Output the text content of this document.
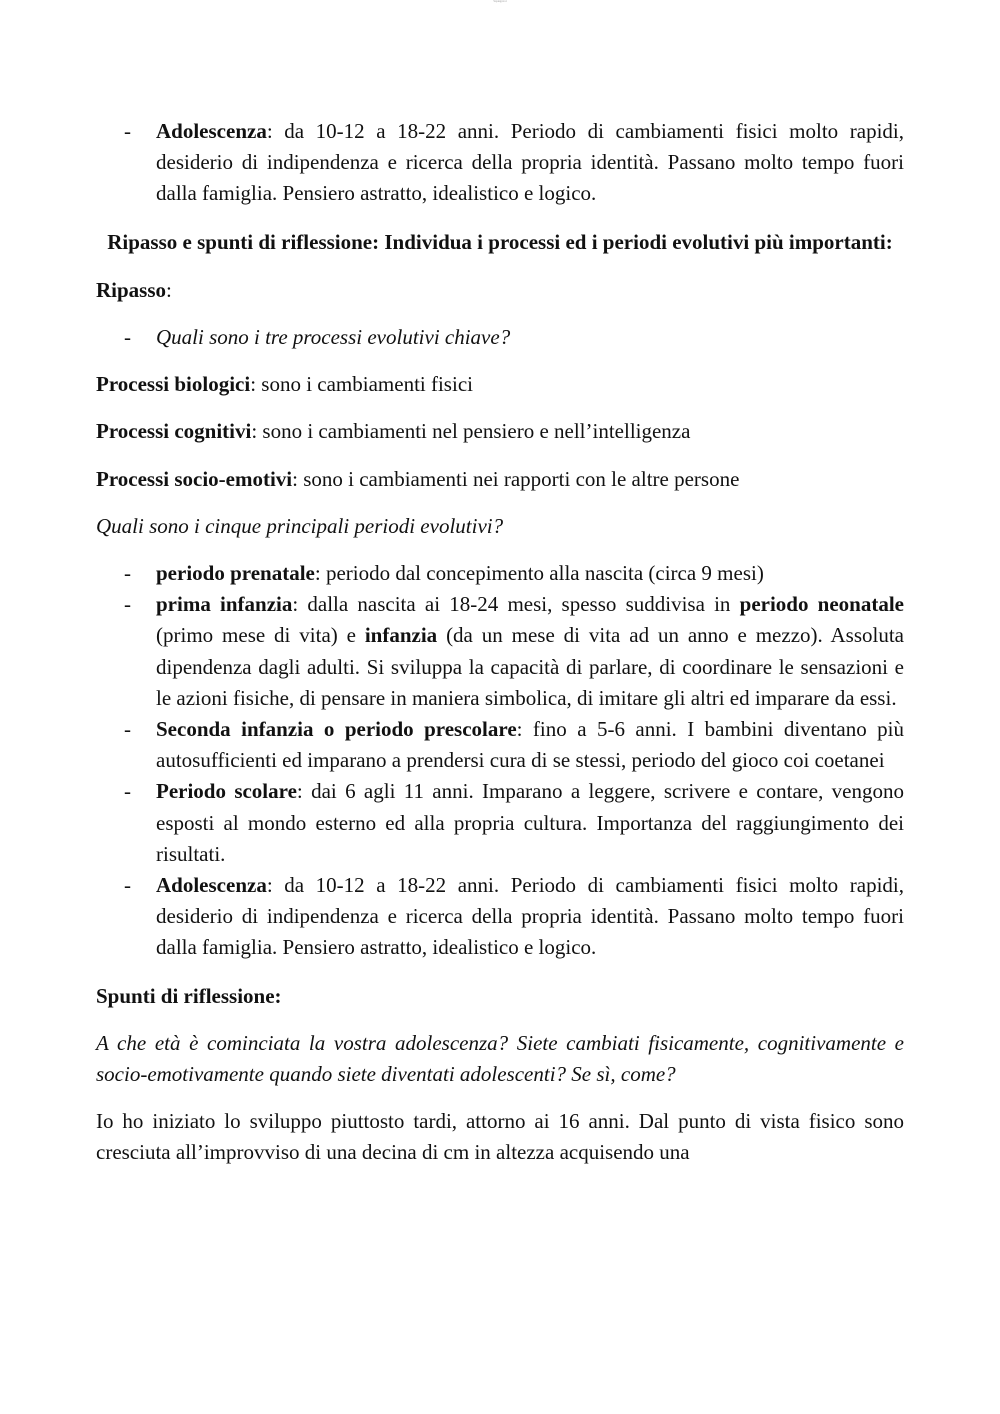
Sspiegavoi
- Adolescenza: da 10-12 a 18-22 anni. Periodo di cambiamenti fisici molto rapidi, desiderio di indipendenza e ricerca della propria identità. Passano molto tempo fuori dalla famiglia. Pensiero astratto, idealistico e logico.

Ripasso e spunti di riflessione: Individua i processi ed i periodi evolutivi più importanti:

Ripasso:

- Quali sono i tre processi evolutivi chiave?

Processi biologici: sono i cambiamenti fisici

Processi cognitivi: sono i cambiamenti nel pensiero e nell’intelligenza

Processi socio-emotivi: sono i cambiamenti nei rapporti con le altre persone

Quali sono i cinque principali periodi evolutivi?

- periodo prenatale: periodo dal concepimento alla nascita (circa 9 mesi)
- prima infanzia: dalla nascita ai 18-24 mesi, spesso suddivisa in periodo neonatale (primo mese di vita) e infanzia (da un mese di vita ad un anno e mezzo). Assoluta dipendenza dagli adulti. Si sviluppa la capacità di parlare, di coordinare le sensazioni e le azioni fisiche, di pensare in maniera simbolica, di imitare gli altri ed imparare da essi.
- Seconda infanzia o periodo prescolare: fino a 5-6 anni. I bambini diventano più autosufficienti ed imparano a prendersi cura di se stessi, periodo del gioco coi coetanei
- Periodo scolare: dai 6 agli 11 anni. Imparano a leggere, scrivere e contare, vengono esposti al mondo esterno ed alla propria cultura. Importanza del raggiungimento dei risultati.
- Adolescenza: da 10-12 a 18-22 anni. Periodo di cambiamenti fisici molto rapidi, desiderio di indipendenza e ricerca della propria identità. Passano molto tempo fuori dalla famiglia. Pensiero astratto, idealistico e logico.

Spunti di riflessione:

A che età è cominciata la vostra adolescenza? Siete cambiati fisicamente, cognitivamente e socio-emotivamente quando siete diventati adolescenti? Se sì, come?

Io ho iniziato lo sviluppo piuttosto tardi, attorno ai 16 anni. Dal punto di vista fisico sono cresciuta all’improvviso di una decina di cm in altezza acquisendo una
